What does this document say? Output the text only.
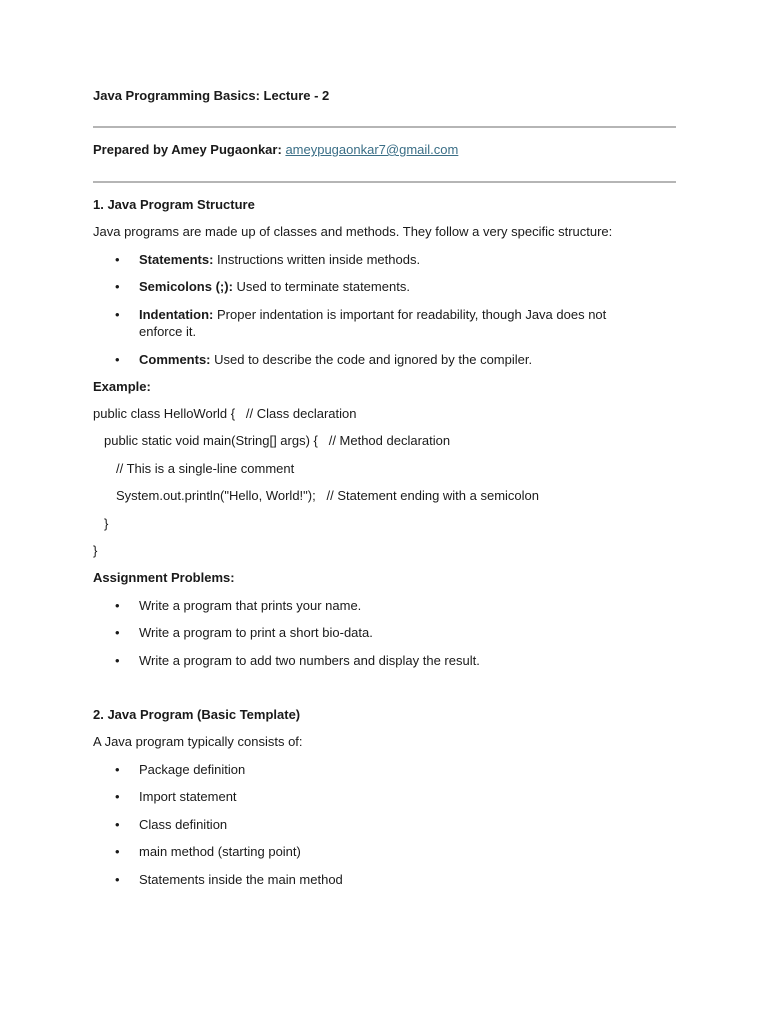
Java Programming Basics: Lecture - 2
Prepared by Amey Pugaonkar: ameypugaonkar7@gmail.com
1. Java Program Structure
Java programs are made up of classes and methods. They follow a very specific structure:
• Statements: Instructions written inside methods.
• Semicolons (;): Used to terminate statements.
• Indentation: Proper indentation is important for readability, though Java does not enforce it.
• Comments: Used to describe the code and ignored by the compiler.
Example:
public class HelloWorld {   // Class declaration
public static void main(String[] args) {   // Method declaration
// This is a single-line comment
System.out.println("Hello, World!");   // Statement ending with a semicolon
}
}
Assignment Problems:
• Write a program that prints your name.
• Write a program to print a short bio-data.
• Write a program to add two numbers and display the result.
2. Java Program (Basic Template)
A Java program typically consists of:
• Package definition
• Import statement
• Class definition
• main method (starting point)
• Statements inside the main method
